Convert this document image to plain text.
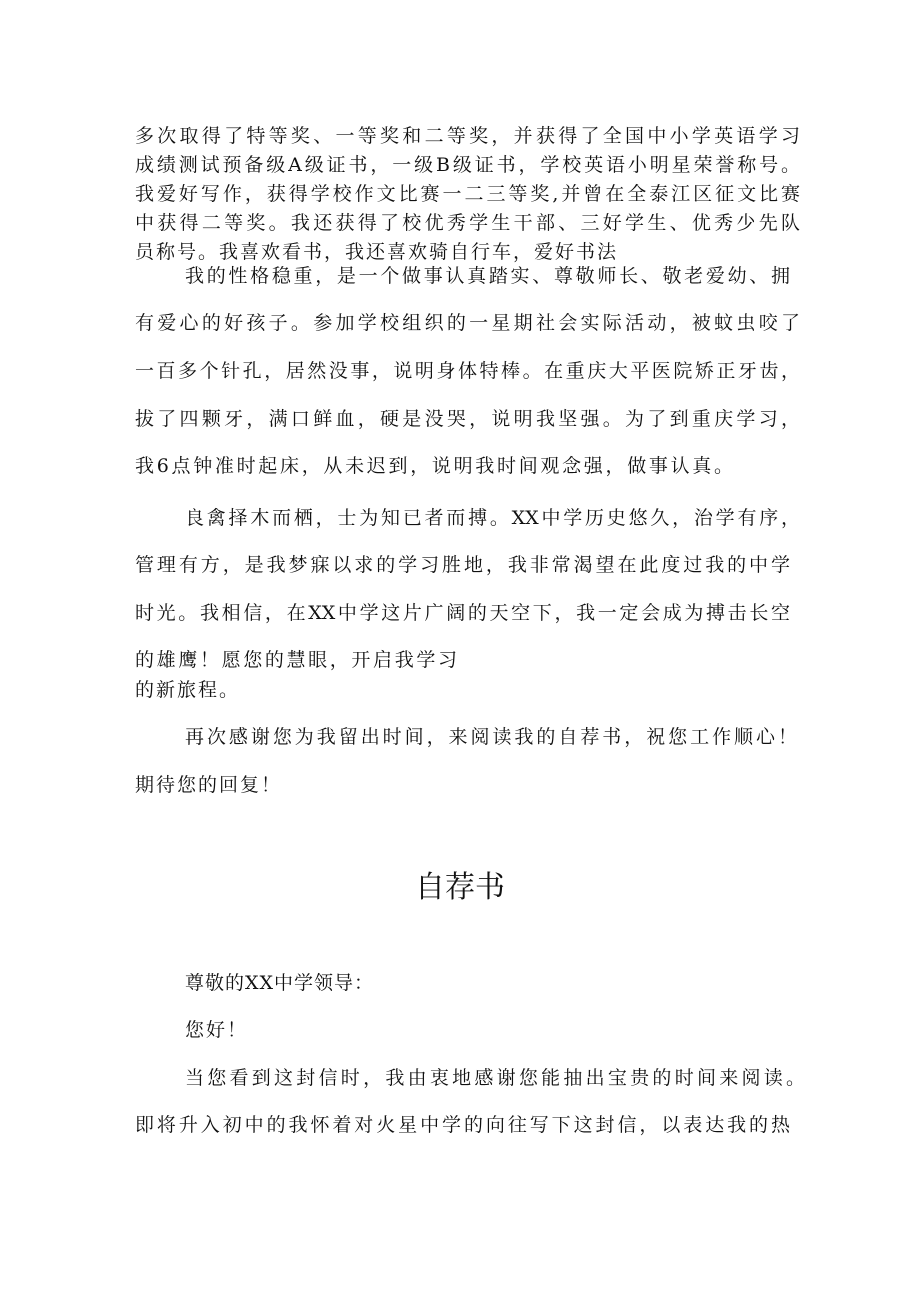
多次取得了特等奖、一等奖和二等奖，并获得了全国中小学英语学习
成绩测试预备级A级证书，一级B级证书，学校英语小明星荣誉称号。
我爱好写作，获得学校作文比赛一二三等奖,并曾在全泰江区征文比赛
中获得二等奖。我还获得了校优秀学生干部、三好学生、优秀少先队
员称号。我喜欢看书，我还喜欢骑自行车，爱好书法
我的性格稳重，是一个做事认真踏实、尊敬师长、敬老爱幼、拥
有爱心的好孩子。参加学校组织的一星期社会实际活动，被蚊虫咬了
一百多个针孔，居然没事，说明身体特棒。在重庆大平医院矫正牙齿，
拔了四颗牙，满口鲜血，硬是没哭，说明我坚强。为了到重庆学习，
我6点钟准时起床，从未迟到，说明我时间观念强，做事认真。
良禽择木而栖，士为知已者而搏。XX中学历史悠久，治学有序，
管理有方，是我梦寐以求的学习胜地，我非常渴望在此度过我的中学
时光。我相信，在XX中学这片广阔的天空下，我一定会成为搏击长空
的雄鹰！愿您的慧眼，开启我学习
的新旅程。
再次感谢您为我留出时间，来阅读我的自荐书，祝您工作顺心！
期待您的回复！
自荐书
尊敬的XX中学领导：
您好！
当您看到这封信时，我由衷地感谢您能抽出宝贵的时间来阅读。
即将升入初中的我怀着对火星中学的向往写下这封信，以表达我的热
